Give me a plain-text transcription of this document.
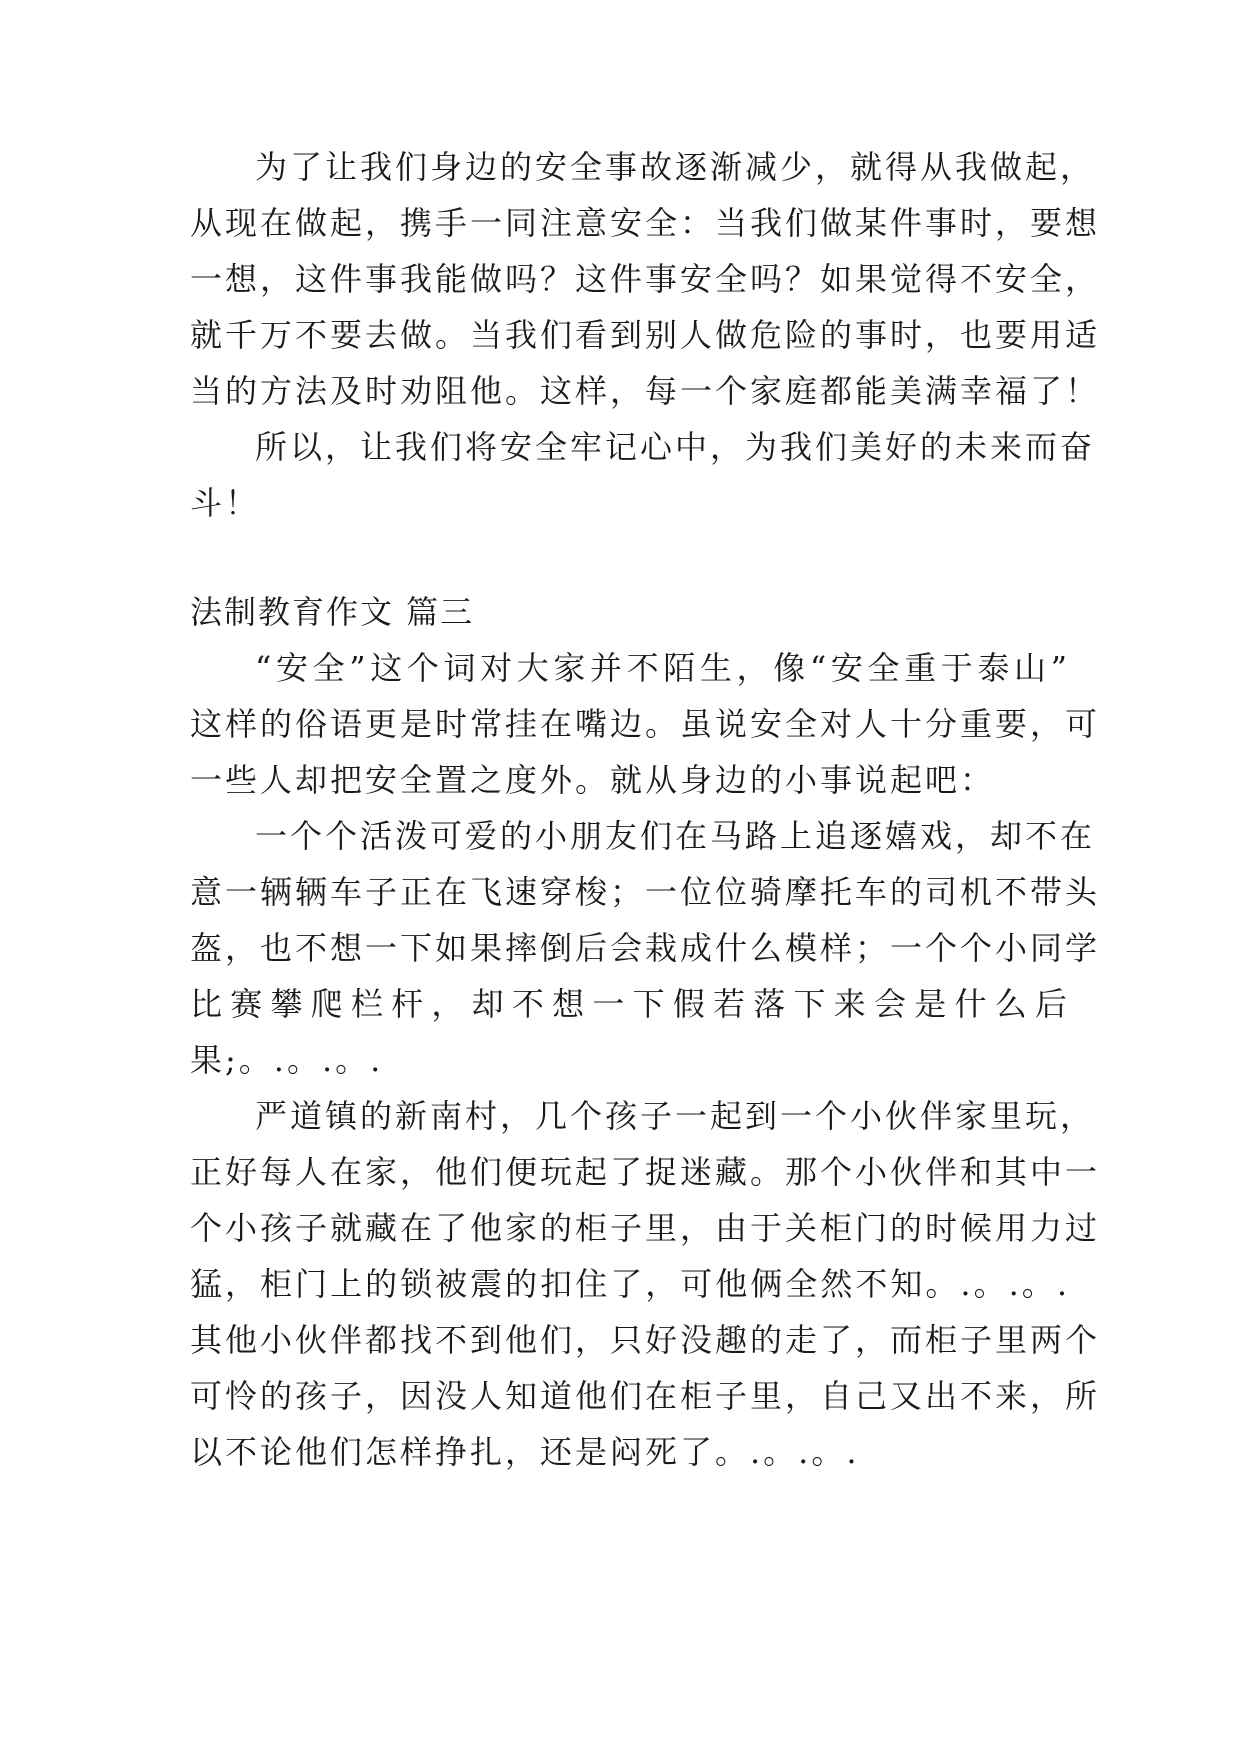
为了让我们身边的安全事故逐渐减少，就得从我做起，
从现在做起，携手一同注意安全：当我们做某件事时，要想
一想，这件事我能做吗？这件事安全吗？如果觉得不安全，
就千万不要去做。当我们看到别人做危险的事时，也要用适
当的方法及时劝阻他。这样，每一个家庭都能美满幸福了！
所以，让我们将安全牢记心中，为我们美好的未来而奋
斗！
法制教育作文 篇三
“安全”这个词对大家并不陌生，像“安全重于泰山”
这样的俗语更是时常挂在嘴边。虽说安全对人十分重要，可
一些人却把安全置之度外。就从身边的小事说起吧：
一个个活泼可爱的小朋友们在马路上追逐嬉戏，却不在
意一辆辆车子正在飞速穿梭；一位位骑摩托车的司机不带头
盔，也不想一下如果摔倒后会栽成什么模样；一个个小同学
比赛攀爬栏杆，却不想一下假若落下来会是什么后
果;。.。.。.
严道镇的新南村，几个孩子一起到一个小伙伴家里玩，
正好每人在家，他们便玩起了捉迷藏。那个小伙伴和其中一
个小孩子就藏在了他家的柜子里，由于关柜门的时候用力过
猛，柜门上的锁被震的扣住了，可他俩全然不知。.。.。.
其他小伙伴都找不到他们，只好没趣的走了，而柜子里两个
可怜的孩子，因没人知道他们在柜子里，自己又出不来，所
以不论他们怎样挣扎，还是闷死了。.。.。.
